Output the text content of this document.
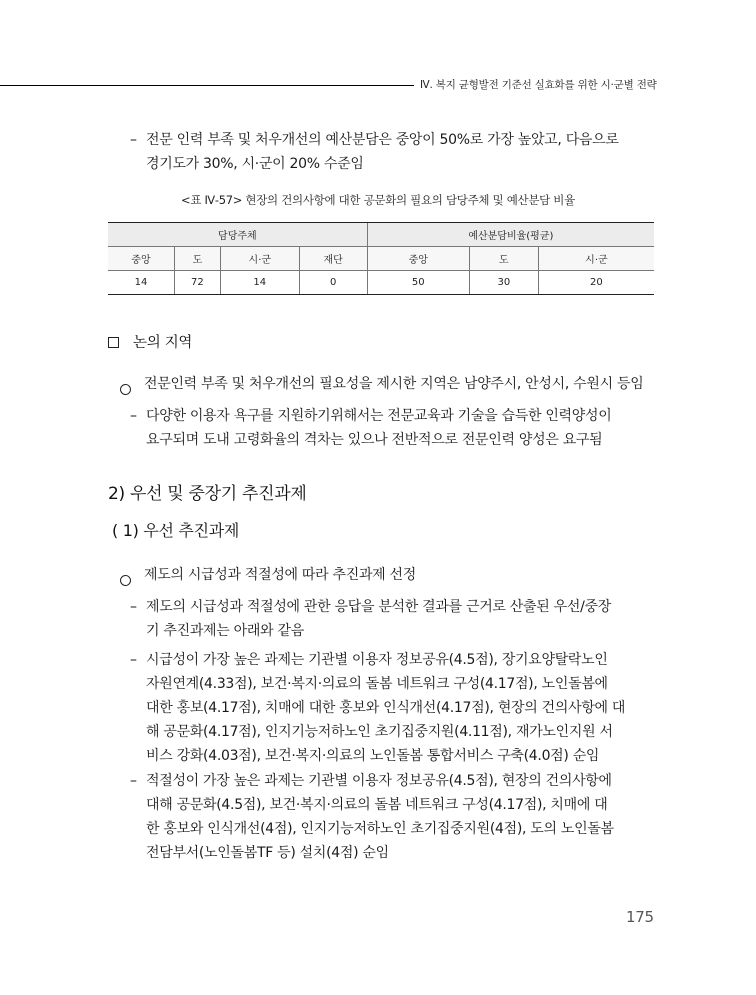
Ⅳ. 복지 균형발전 기준선 실효화를 위한 시·군별 전략
– 전문 인력 부족 및 처우개선의 예산분담은 중앙이 50%로 가장 높았고, 다음으로
경기도가 30%, 시·군이 20% 수준임
<표 Ⅳ-57> 현장의 건의사항에 대한 공문화의 필요의 담당주체 및 예산분담 비율
담당주체				예산분담비율(평균)		
중앙	도	시·군	재단	중앙	도	시·군
14	72	14	0	50	30	20
논의 지역
전문인력 부족 및 처우개선의 필요성을 제시한 지역은 남양주시, 안성시, 수원시 등임
– 다양한 이용자 욕구를 지원하기위해서는 전문교육과 기술을 습득한 인력양성이
요구되며 도내 고령화율의 격차는 있으나 전반적으로 전문인력 양성은 요구됨
2) 우선 및 중장기 추진과제
( 1) 우선 추진과제
제도의 시급성과 적절성에 따라 추진과제 선정
– 제도의 시급성과 적절성에 관한 응답을 분석한 결과를 근거로 산출된 우선/중장
기 추진과제는 아래와 같음
– 시급성이 가장 높은 과제는 기관별 이용자 정보공유(4.5점), 장기요양탈락노인
자원연계(4.33점), 보건·복지·의료의 돌봄 네트워크 구성(4.17점), 노인돌봄에
대한 홍보(4.17점), 치매에 대한 홍보와 인식개선(4.17점), 현장의 건의사항에 대
해 공문화(4.17점), 인지기능저하노인 초기집중지원(4.11점), 재가노인지원 서
비스 강화(4.03점), 보건·복지·의료의 노인돌봄 통합서비스 구축(4.0점) 순임
– 적절성이 가장 높은 과제는 기관별 이용자 정보공유(4.5점), 현장의 건의사항에
대해 공문화(4.5점), 보건·복지·의료의 돌봄 네트워크 구성(4.17점), 치매에 대
한 홍보와 인식개선(4점), 인지기능저하노인 초기집중지원(4점), 도의 노인돌봄
전담부서(노인돌봄TF 등) 설치(4점) 순임
175
